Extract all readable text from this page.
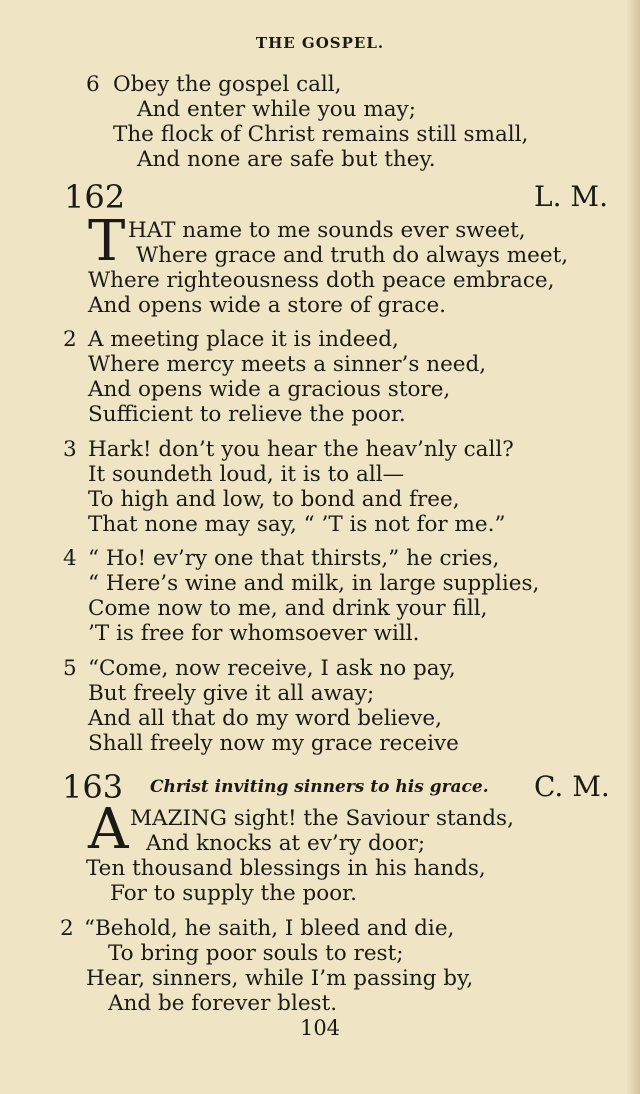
THE GOSPEL.
6 Obey the gospel call,
And enter while you may;
The flock of Christ remains still small,
And none are safe but they.
162	L. M.
T HAT name to me sounds ever sweet,
Where grace and truth do always meet,
Where righteousness doth peace embrace,
And opens wide a store of grace.
2 A meeting place it is indeed,
Where mercy meets a sinner’s need,
And opens wide a gracious store,
Sufficient to relieve the poor.
3 Hark! don’t you hear the heav’nly call?
It soundeth loud, it is to all—
To high and low, to bond and free,
That none may say, “ ’T is not for me.”
4 “ Ho! ev’ry one that thirsts,” he cries,
“ Here’s wine and milk, in large supplies,
Come now to me, and drink your fill,
’T is free for whomsoever will.
5 “Come, now receive, I ask no pay,
But freely give it all away;
And all that do my word believe,
Shall freely now my grace receive
163 Christ inviting sinners to his grace. C. M.
A MAZING sight! the Saviour stands,
And knocks at ev’ry door;
Ten thousand blessings in his hands,
For to supply the poor.
2 “Behold, he saith, I bleed and die,
To bring poor souls to rest;
Hear, sinners, while I’m passing by,
And be forever blest.
104
